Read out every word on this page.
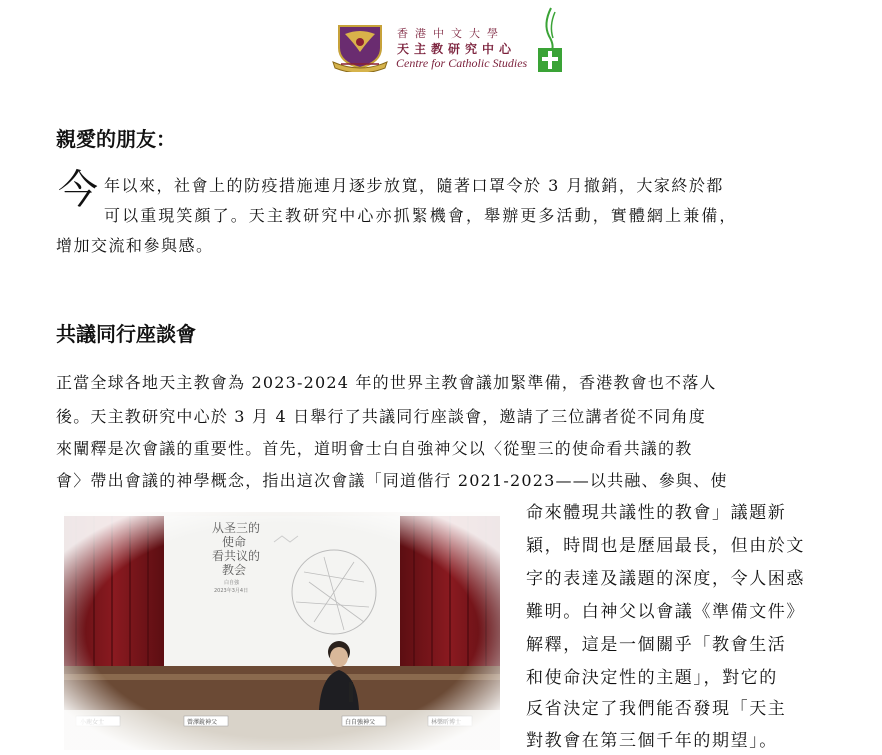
香港中文大學
天主教研究中心
Centre for Catholic Studies
親愛的朋友：
今 年以來，社會上的防疫措施連月逐步放寬，隨著口罩令於 3 月撤銷，大家終於都
可以重現笑顏了。天主教研究中心亦抓緊機會，舉辦更多活動，實體網上兼備，
增加交流和參與感。
共議同行座談會
正當全球各地天主教會為 2023-2024 年的世界主教會議加緊準備，香港教會也不落人
後。天主教研究中心於 3 月 4 日舉行了共議同行座談會，邀請了三位講者從不同角度
來闡釋是次會議的重要性。首先，道明會士白自強神父以〈從聖三的使命看共議的教
會〉帶出會議的神學概念，指出這次會議「同道偕行 2021-2023——以共融、參與、使
命來體現共議性的教會」議題新
穎，時間也是歷屆最長，但由於文
字的表達及議題的深度，令人困惑
難明。白神父以會議《準備文件》
解釋，這是一個關乎「教會生活
和使命決定性的主題」，對它的
反省決定了我們能否發現「天主
對教會在第三個千年的期望」。
